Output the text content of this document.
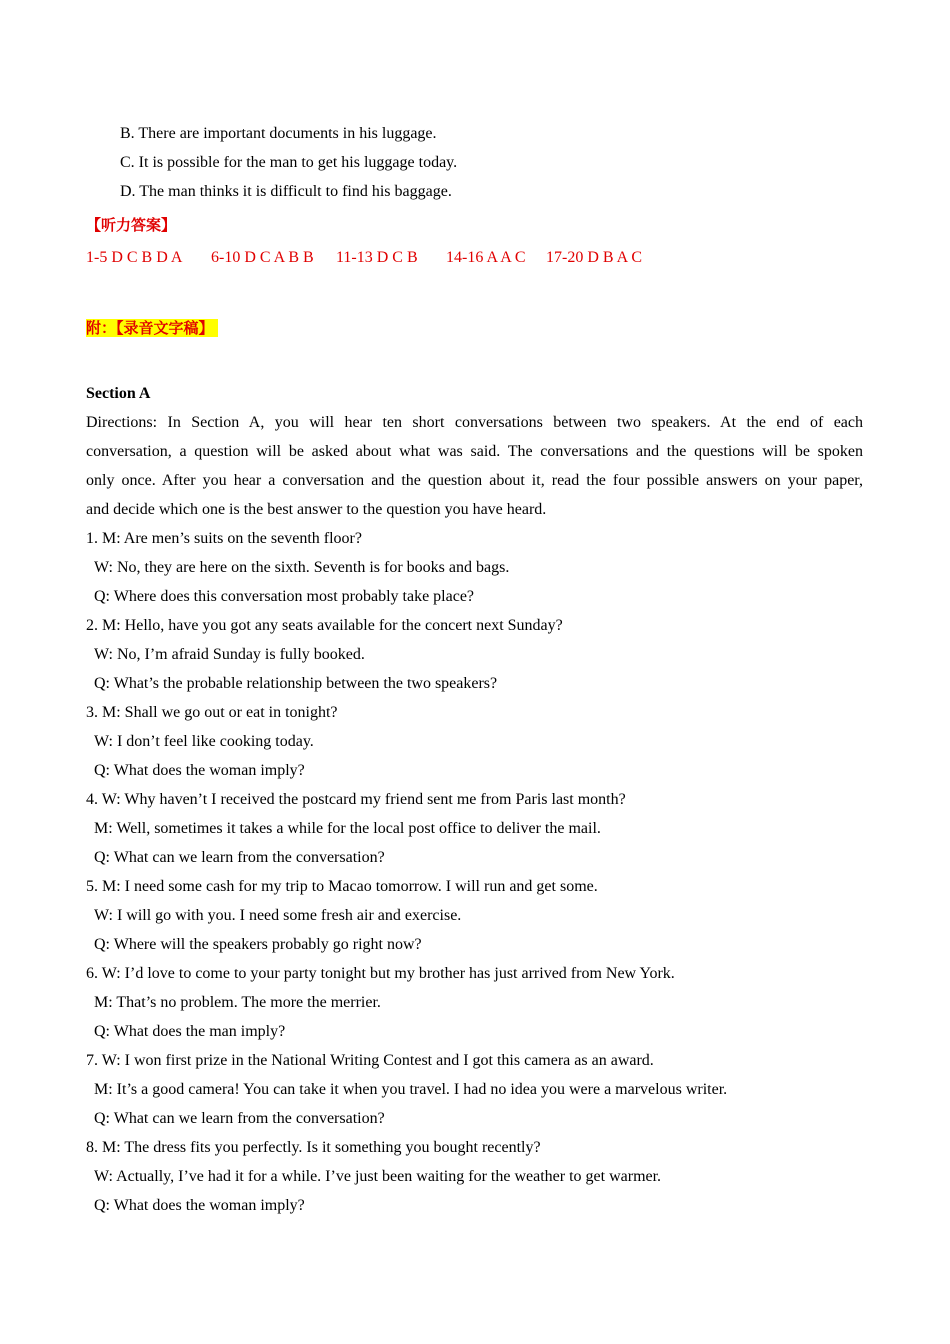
B. There are important documents in his luggage.
C. It is possible for the man to get his luggage today.
D. The man thinks it is difficult to find his baggage.
【听力答案】
1-5 D C B D A 6-10 D C A B B 11-13 D C B 14-16 A A C 17-20 D B A C
附：【录音文字稿】
Section A
Directions: In Section A, you will hear ten short conversations between two speakers. At the end of each
conversation, a question will be asked about what was said. The conversations and the questions will be spoken
only once. After you hear a conversation and the question about it, read the four possible answers on your paper,
and decide which one is the best answer to the question you have heard.
1. M: Are men’s suits on the seventh floor?
W: No, they are here on the sixth. Seventh is for books and bags.
Q: Where does this conversation most probably take place?
2. M: Hello, have you got any seats available for the concert next Sunday?
W: No, I’m afraid Sunday is fully booked.
Q: What’s the probable relationship between the two speakers?
3. M: Shall we go out or eat in tonight?
W: I don’t feel like cooking today.
Q: What does the woman imply?
4. W: Why haven’t I received the postcard my friend sent me from Paris last month?
M: Well, sometimes it takes a while for the local post office to deliver the mail.
Q: What can we learn from the conversation?
5. M: I need some cash for my trip to Macao tomorrow. I will run and get some.
W: I will go with you. I need some fresh air and exercise.
Q: Where will the speakers probably go right now?
6. W: I’d love to come to your party tonight but my brother has just arrived from New York.
M: That’s no problem. The more the merrier.
Q: What does the man imply?
7. W: I won first prize in the National Writing Contest and I got this camera as an award.
M: It’s a good camera! You can take it when you travel. I had no idea you were a marvelous writer.
Q: What can we learn from the conversation?
8. M: The dress fits you perfectly. Is it something you bought recently?
W: Actually, I’ve had it for a while. I’ve just been waiting for the weather to get warmer.
Q: What does the woman imply?
